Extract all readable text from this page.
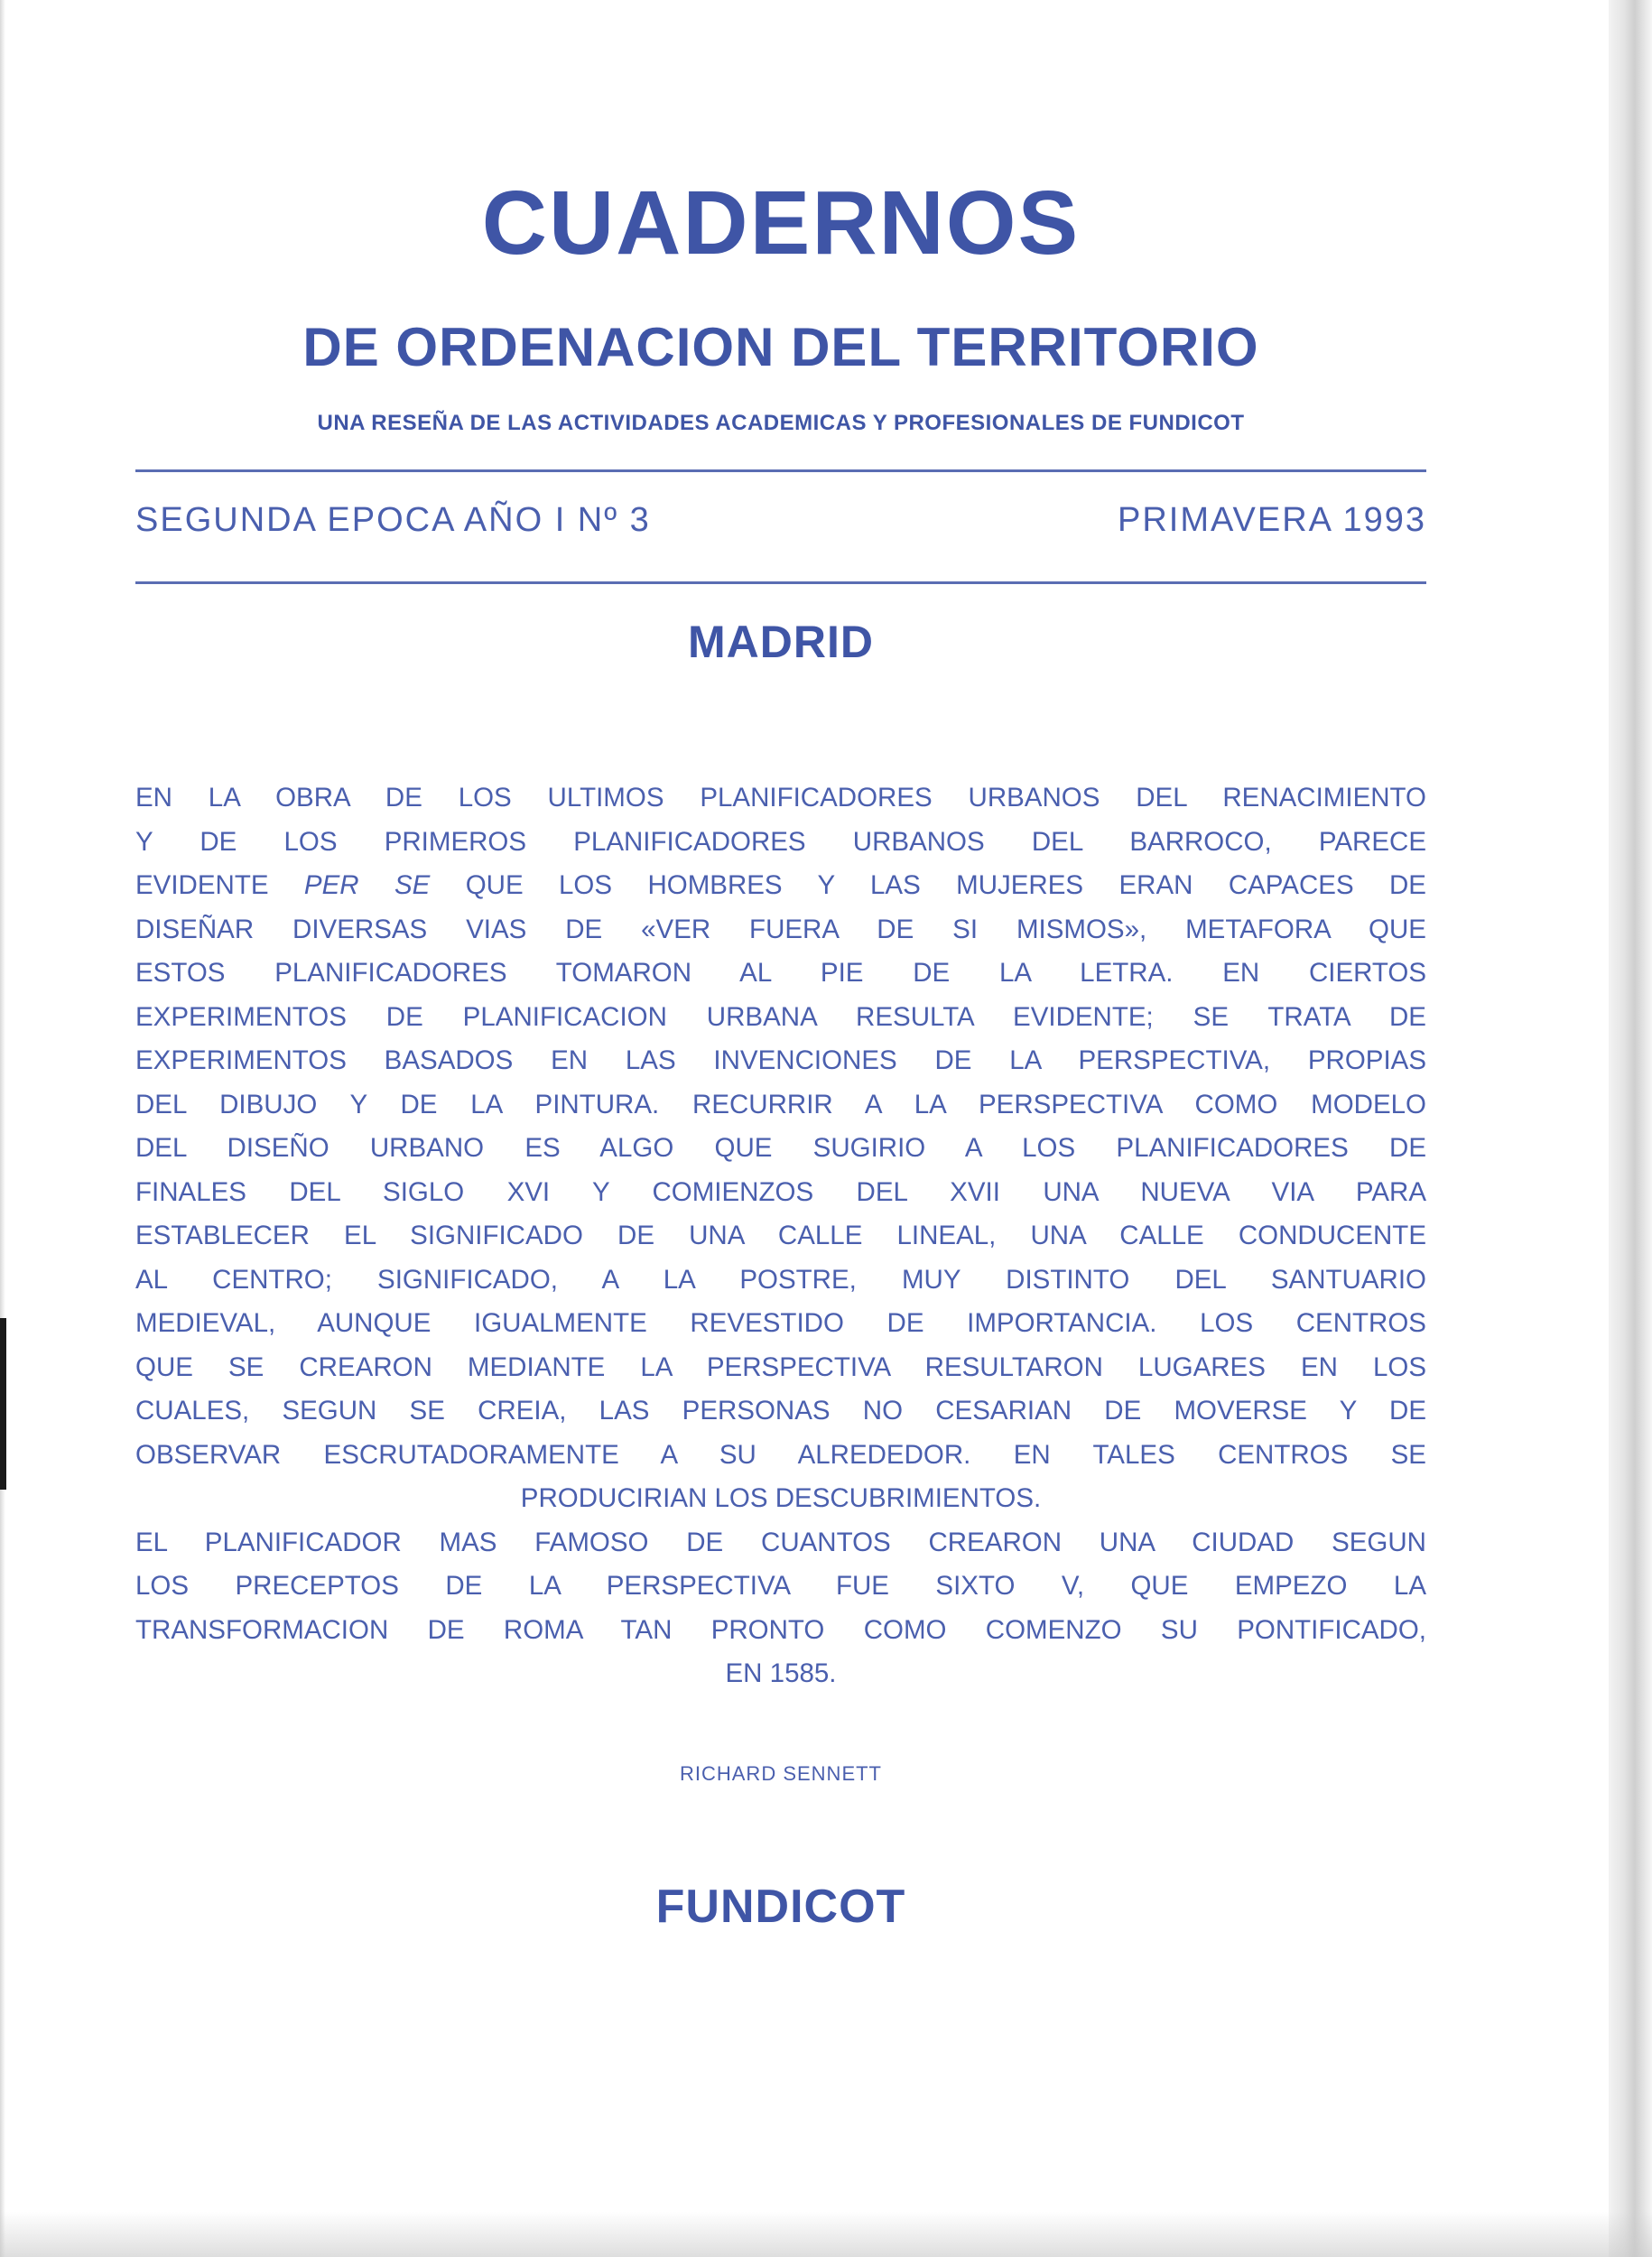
CUADERNOS
DE ORDENACION DEL TERRITORIO
UNA RESEÑA DE LAS ACTIVIDADES ACADEMICAS Y PROFESIONALES DE FUNDICOT
SEGUNDA EPOCA AÑO I Nº 3	PRIMAVERA 1993
MADRID
EN LA OBRA DE LOS ULTIMOS PLANIFICADORES URBANOS DEL RENACIMIENTO
Y DE LOS PRIMEROS PLANIFICADORES URBANOS DEL BARROCO, PARECE
EVIDENTE PER SE QUE LOS HOMBRES Y LAS MUJERES ERAN CAPACES DE
DISEÑAR DIVERSAS VIAS DE «VER FUERA DE SI MISMOS», METAFORA QUE
ESTOS PLANIFICADORES TOMARON AL PIE DE LA LETRA. EN CIERTOS
EXPERIMENTOS DE PLANIFICACION URBANA RESULTA EVIDENTE; SE TRATA DE
EXPERIMENTOS BASADOS EN LAS INVENCIONES DE LA PERSPECTIVA, PROPIAS
DEL DIBUJO Y DE LA PINTURA. RECURRIR A LA PERSPECTIVA COMO MODELO
DEL DISEÑO URBANO ES ALGO QUE SUGIRIO A LOS PLANIFICADORES DE
FINALES DEL SIGLO XVI Y COMIENZOS DEL XVII UNA NUEVA VIA PARA
ESTABLECER EL SIGNIFICADO DE UNA CALLE LINEAL, UNA CALLE CONDUCENTE
AL CENTRO; SIGNIFICADO, A LA POSTRE, MUY DISTINTO DEL SANTUARIO
MEDIEVAL, AUNQUE IGUALMENTE REVESTIDO DE IMPORTANCIA. LOS CENTROS
QUE SE CREARON MEDIANTE LA PERSPECTIVA RESULTARON LUGARES EN LOS
CUALES, SEGUN SE CREIA, LAS PERSONAS NO CESARIAN DE MOVERSE Y DE
OBSERVAR ESCRUTADORAMENTE A SU ALREDEDOR. EN TALES CENTROS SE
PRODUCIRIAN LOS DESCUBRIMIENTOS.
EL PLANIFICADOR MAS FAMOSO DE CUANTOS CREARON UNA CIUDAD SEGUN
LOS PRECEPTOS DE LA PERSPECTIVA FUE SIXTO V, QUE EMPEZO LA
TRANSFORMACION DE ROMA TAN PRONTO COMO COMENZO SU PONTIFICADO,
EN 1585.
RICHARD SENNETT
FUNDICOT
